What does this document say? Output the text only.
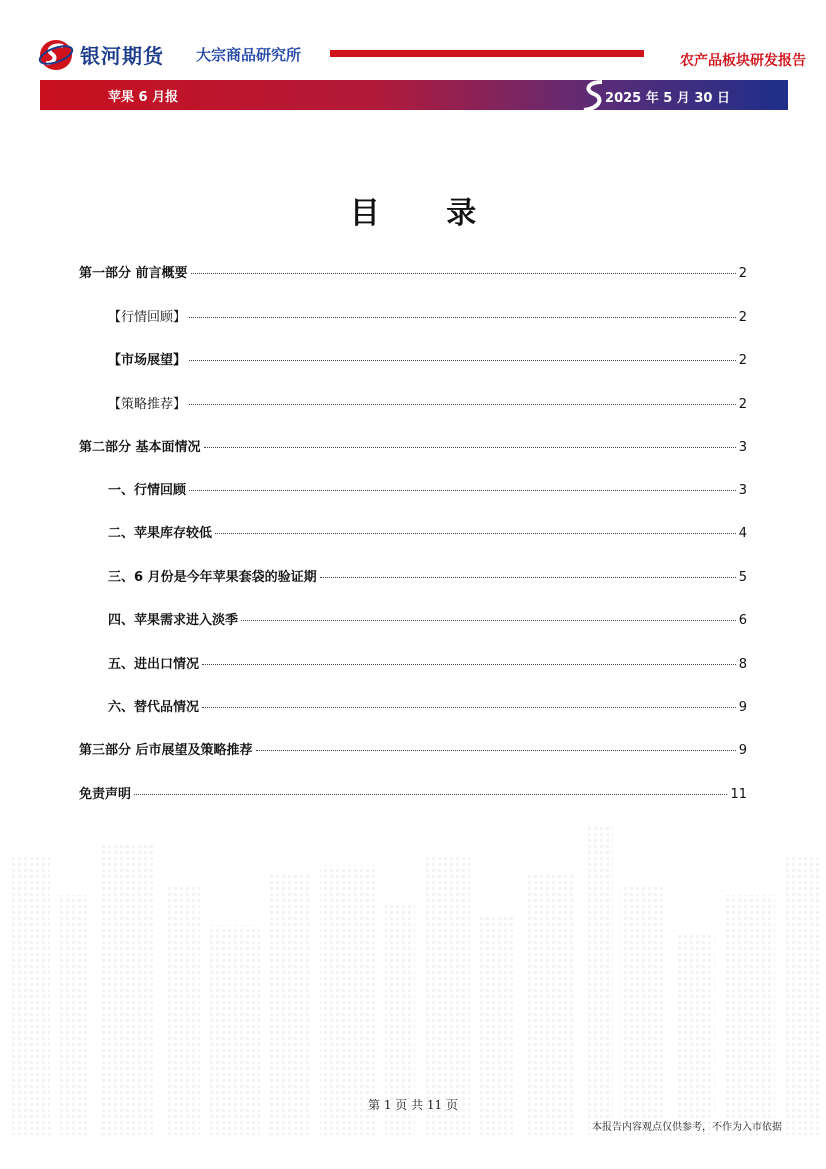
银河期货 大宗商品研究所	农产品板块研发报告
苹果 6 月报	2025 年 5 月 30 日
目 录
第一部分 前言概要	2
【行情回顾】	2
【市场展望】	2
【策略推荐】	2
第二部分 基本面情况	3
一、行情回顾	3
二、苹果库存较低	4
三、6 月份是今年苹果套袋的验证期	5
四、苹果需求进入淡季	6
五、进出口情况	8
六、替代品情况	9
第三部分 后市展望及策略推荐	9
免责声明	11
第 1 页 共 11 页
本报告内容观点仅供参考，不作为入市依据
